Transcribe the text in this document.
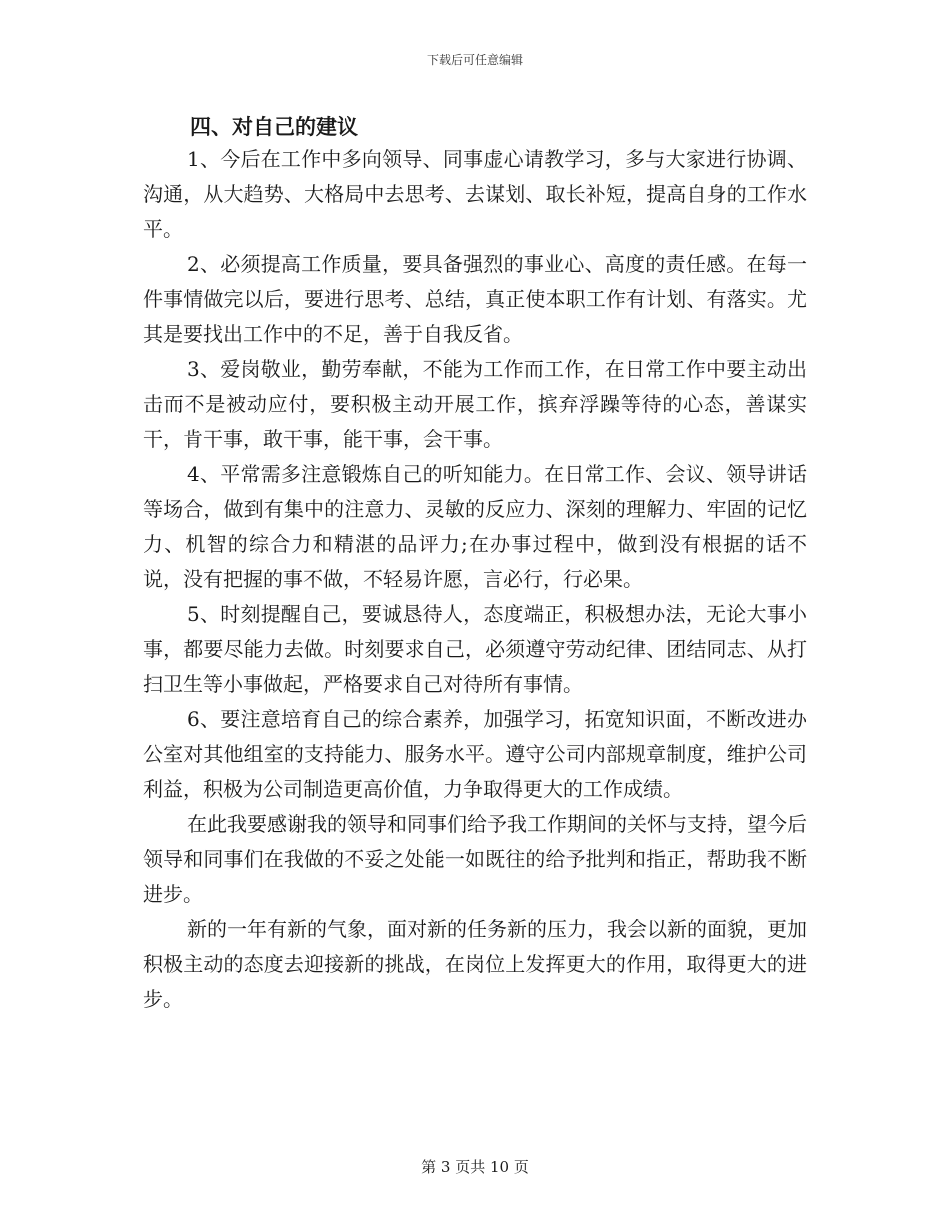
下载后可任意编辑
四、对自己的建议

1、今后在工作中多向领导、同事虚心请教学习，多与大家进行协调、沟通，从大趋势、大格局中去思考、去谋划、取长补短，提高自身的工作水平。

2、必须提高工作质量，要具备强烈的事业心、高度的责任感。在每一件事情做完以后，要进行思考、总结，真正使本职工作有计划、有落实。尤其是要找出工作中的不足，善于自我反省。

3、爱岗敬业，勤劳奉献，不能为工作而工作，在日常工作中要主动出击而不是被动应付，要积极主动开展工作，摈弃浮躁等待的心态，善谋实干，肯干事，敢干事，能干事，会干事。

4、平常需多注意锻炼自己的听知能力。在日常工作、会议、领导讲话等场合，做到有集中的注意力、灵敏的反应力、深刻的理解力、牢固的记忆力、机智的综合力和精湛的品评力;在办事过程中，做到没有根据的话不说，没有把握的事不做，不轻易许愿，言必行，行必果。

5、时刻提醒自己，要诚恳待人，态度端正，积极想办法，无论大事小事，都要尽能力去做。时刻要求自己，必须遵守劳动纪律、团结同志、从打扫卫生等小事做起，严格要求自己对待所有事情。

6、要注意培育自己的综合素养，加强学习，拓宽知识面，不断改进办公室对其他组室的支持能力、服务水平。遵守公司内部规章制度，维护公司利益，积极为公司制造更高价值，力争取得更大的工作成绩。

在此我要感谢我的领导和同事们给予我工作期间的关怀与支持，望今后领导和同事们在我做的不妥之处能一如既往的给予批判和指正，帮助我不断进步。

新的一年有新的气象，面对新的任务新的压力，我会以新的面貌，更加积极主动的态度去迎接新的挑战，在岗位上发挥更大的作用，取得更大的进步。

第 3 页共 10 页
